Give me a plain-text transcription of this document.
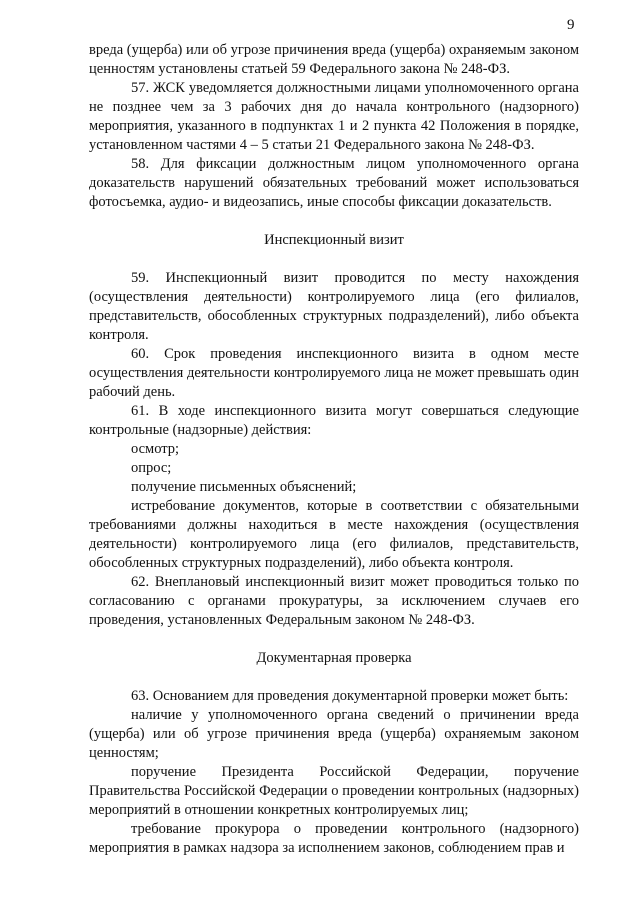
9

вреда (ущерба) или об угрозе причинения вреда (ущерба) охраняемым законом ценностям установлены статьей 59 Федерального закона № 248-ФЗ.

57. ЖСК уведомляется должностными лицами уполномоченного органа не позднее чем за 3 рабочих дня до начала контрольного (надзорного) мероприятия, указанного в подпунктах 1 и 2 пункта 42 Положения в порядке, установленном частями 4 – 5 статьи 21 Федерального закона № 248-ФЗ.

58. Для фиксации должностным лицом уполномоченного органа доказательств нарушений обязательных требований может использоваться фотосъемка, аудио- и видеозапись, иные способы фиксации доказательств.

Инспекционный визит

59. Инспекционный визит проводится по месту нахождения (осуществления деятельности) контролируемого лица (его филиалов, представительств, обособленных структурных подразделений), либо объекта контроля.

60. Срок проведения инспекционного визита в одном месте осуществления деятельности контролируемого лица не может превышать один рабочий день.

61. В ходе инспекционного визита могут совершаться следующие контрольные (надзорные) действия:

осмотр;

опрос;

получение письменных объяснений;

истребование документов, которые в соответствии с обязательными требованиями должны находиться в месте нахождения (осуществления деятельности) контролируемого лица (его филиалов, представительств, обособленных структурных подразделений), либо объекта контроля.

62. Внеплановый инспекционный визит может проводиться только по согласованию с органами прокуратуры, за исключением случаев его проведения, установленных Федеральным законом № 248-ФЗ.

Документарная проверка

63. Основанием для проведения документарной проверки может быть:

наличие у уполномоченного органа сведений о причинении вреда (ущерба) или об угрозе причинения вреда (ущерба) охраняемым законом ценностям;

поручение Президента Российской Федерации, поручение Правительства Российской Федерации о проведении контрольных (надзорных) мероприятий в отношении конкретных контролируемых лиц;

требование прокурора о проведении контрольного (надзорного) мероприятия в рамках надзора за исполнением законов, соблюдением прав и
